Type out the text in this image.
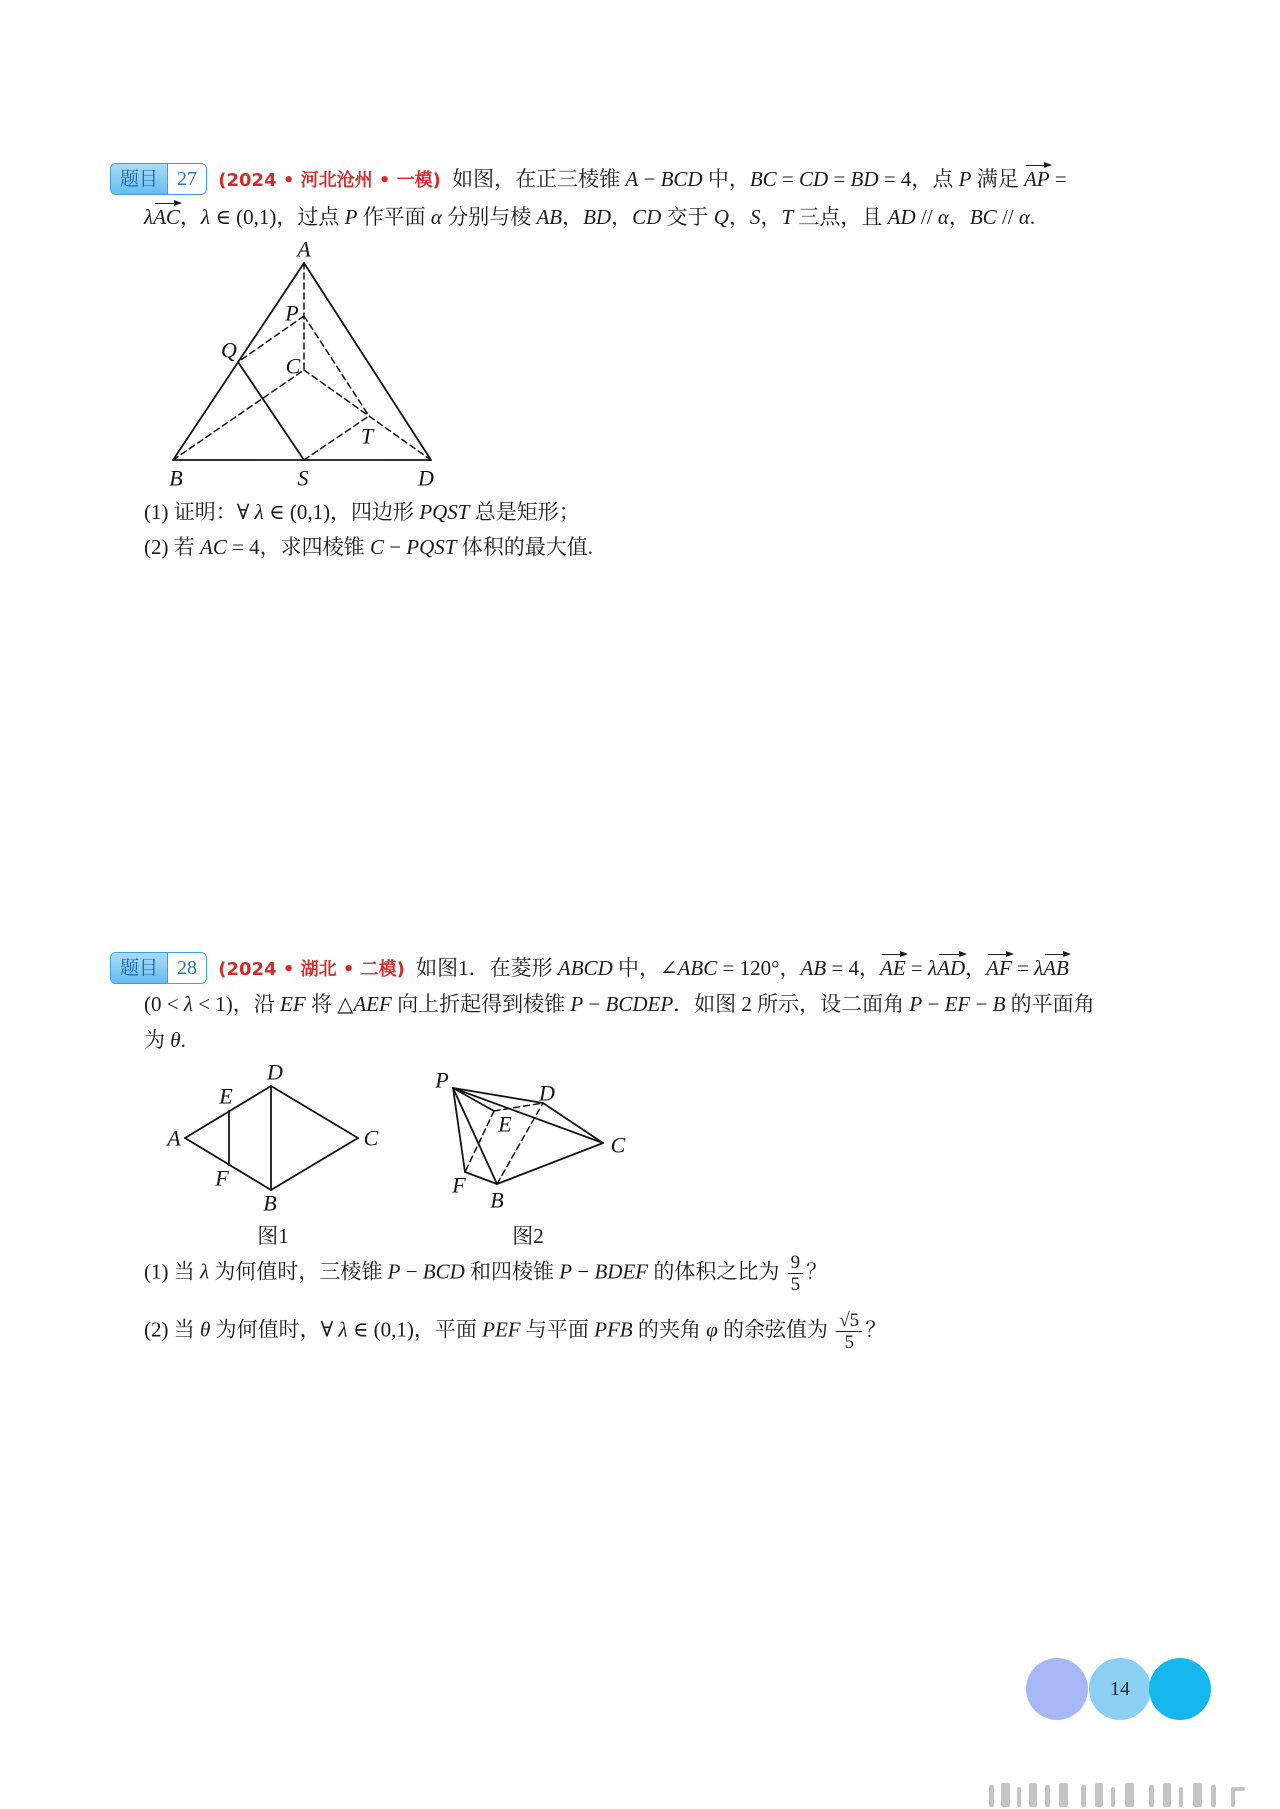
题目 27	(2024 • 河北沧州 • 一模) 如图，在正三棱锥 A − BCD 中，BC = CD = BD = 4，点 P 满足 AP =
λAC，λ ∈ (0,1)，过点 P 作平面 α 分别与棱 AB，BD，CD 交于 Q，S，T 三点，且 AD // α，BC // α.
A
P
Q
C
T
B	S	D
(1) 证明：∀ λ ∈ (0,1)，四边形 PQST 总是矩形；
(2) 若 AC = 4，求四棱锥 C − PQST 体积的最大值.
题目 28	(2024 • 湖北 • 二模) 如图1．在菱形 ABCD 中，∠ABC = 120°，AB = 4，AE = λAD，AF = λAB
(0 < λ < 1)，沿 EF 将 △AEF 向上折起得到棱锥 P − BCDEP．如图 2 所示，设二面角 P − EF − B 的平面角
为 θ.
D
E
A	C
F
B
P
D
E
C
F
B
图1	图2
(1) 当 λ 为何值时，三棱锥 P − BCD 和四棱锥 P − BDEF 的体积之比为 $\frac{9}{5}$ ？
(2) 当 θ 为何值时，∀ λ ∈ (0,1)，平面 PEF 与平面 PFB 的夹角 φ 的余弦值为 $\frac{√5}{5}$ ？
14
